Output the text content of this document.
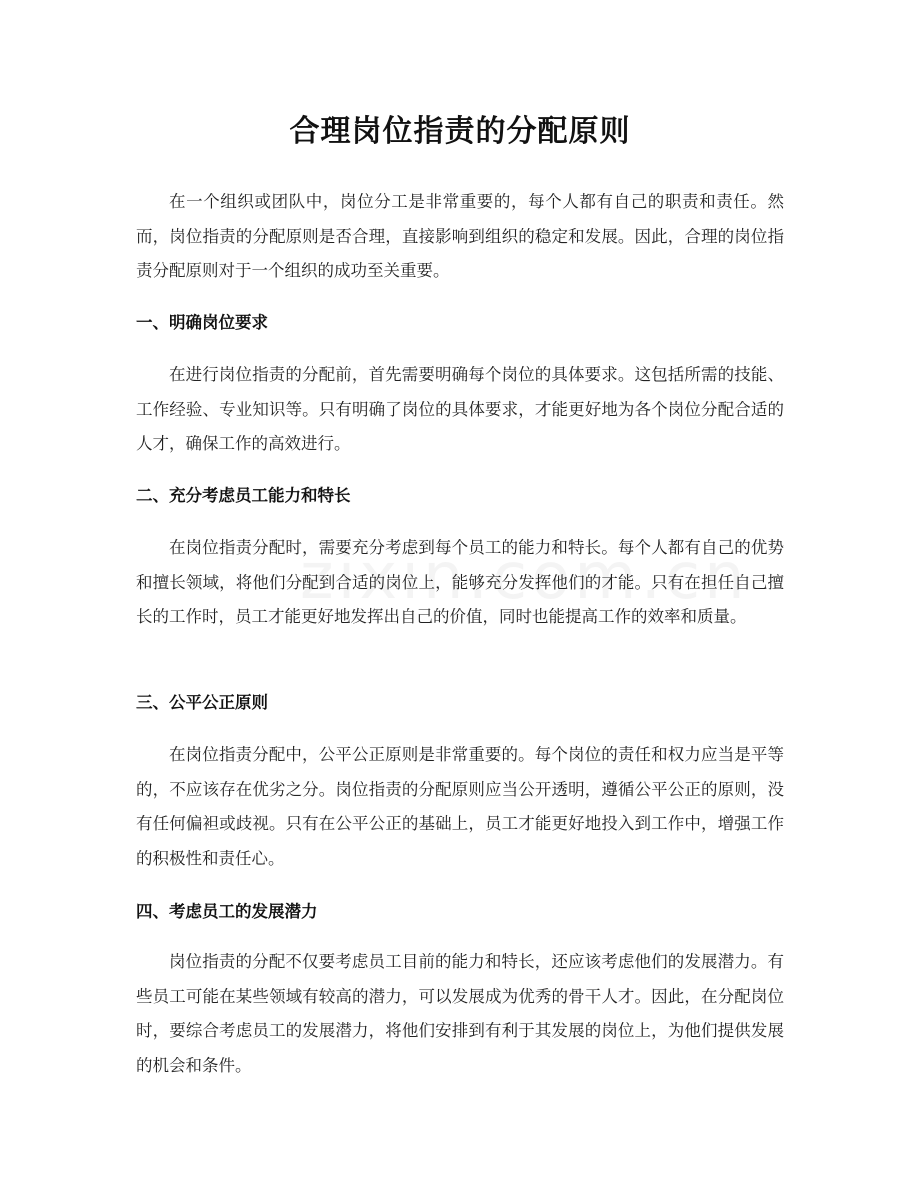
合理岗位指责的分配原则

在一个组织或团队中，岗位分工是非常重要的，每个人都有自己的职责和责任。然而，岗位指责的分配原则是否合理，直接影响到组织的稳定和发展。因此，合理的岗位指责分配原则对于一个组织的成功至关重要。

一、明确岗位要求

在进行岗位指责的分配前，首先需要明确每个岗位的具体要求。这包括所需的技能、工作经验、专业知识等。只有明确了岗位的具体要求，才能更好地为各个岗位分配合适的人才，确保工作的高效进行。

二、充分考虑员工能力和特长

在岗位指责分配时，需要充分考虑到每个员工的能力和特长。每个人都有自己的优势和擅长领域，将他们分配到合适的岗位上，能够充分发挥他们的才能。只有在担任自己擅长的工作时，员工才能更好地发挥出自己的价值，同时也能提高工作的效率和质量。

三、公平公正原则

在岗位指责分配中，公平公正原则是非常重要的。每个岗位的责任和权力应当是平等的，不应该存在优劣之分。岗位指责的分配原则应当公开透明，遵循公平公正的原则，没有任何偏袒或歧视。只有在公平公正的基础上，员工才能更好地投入到工作中，增强工作的积极性和责任心。

四、考虑员工的发展潜力

岗位指责的分配不仅要考虑员工目前的能力和特长，还应该考虑他们的发展潜力。有些员工可能在某些领域有较高的潜力，可以发展成为优秀的骨干人才。因此，在分配岗位时，要综合考虑员工的发展潜力，将他们安排到有利于其发展的岗位上，为他们提供发展的机会和条件。
